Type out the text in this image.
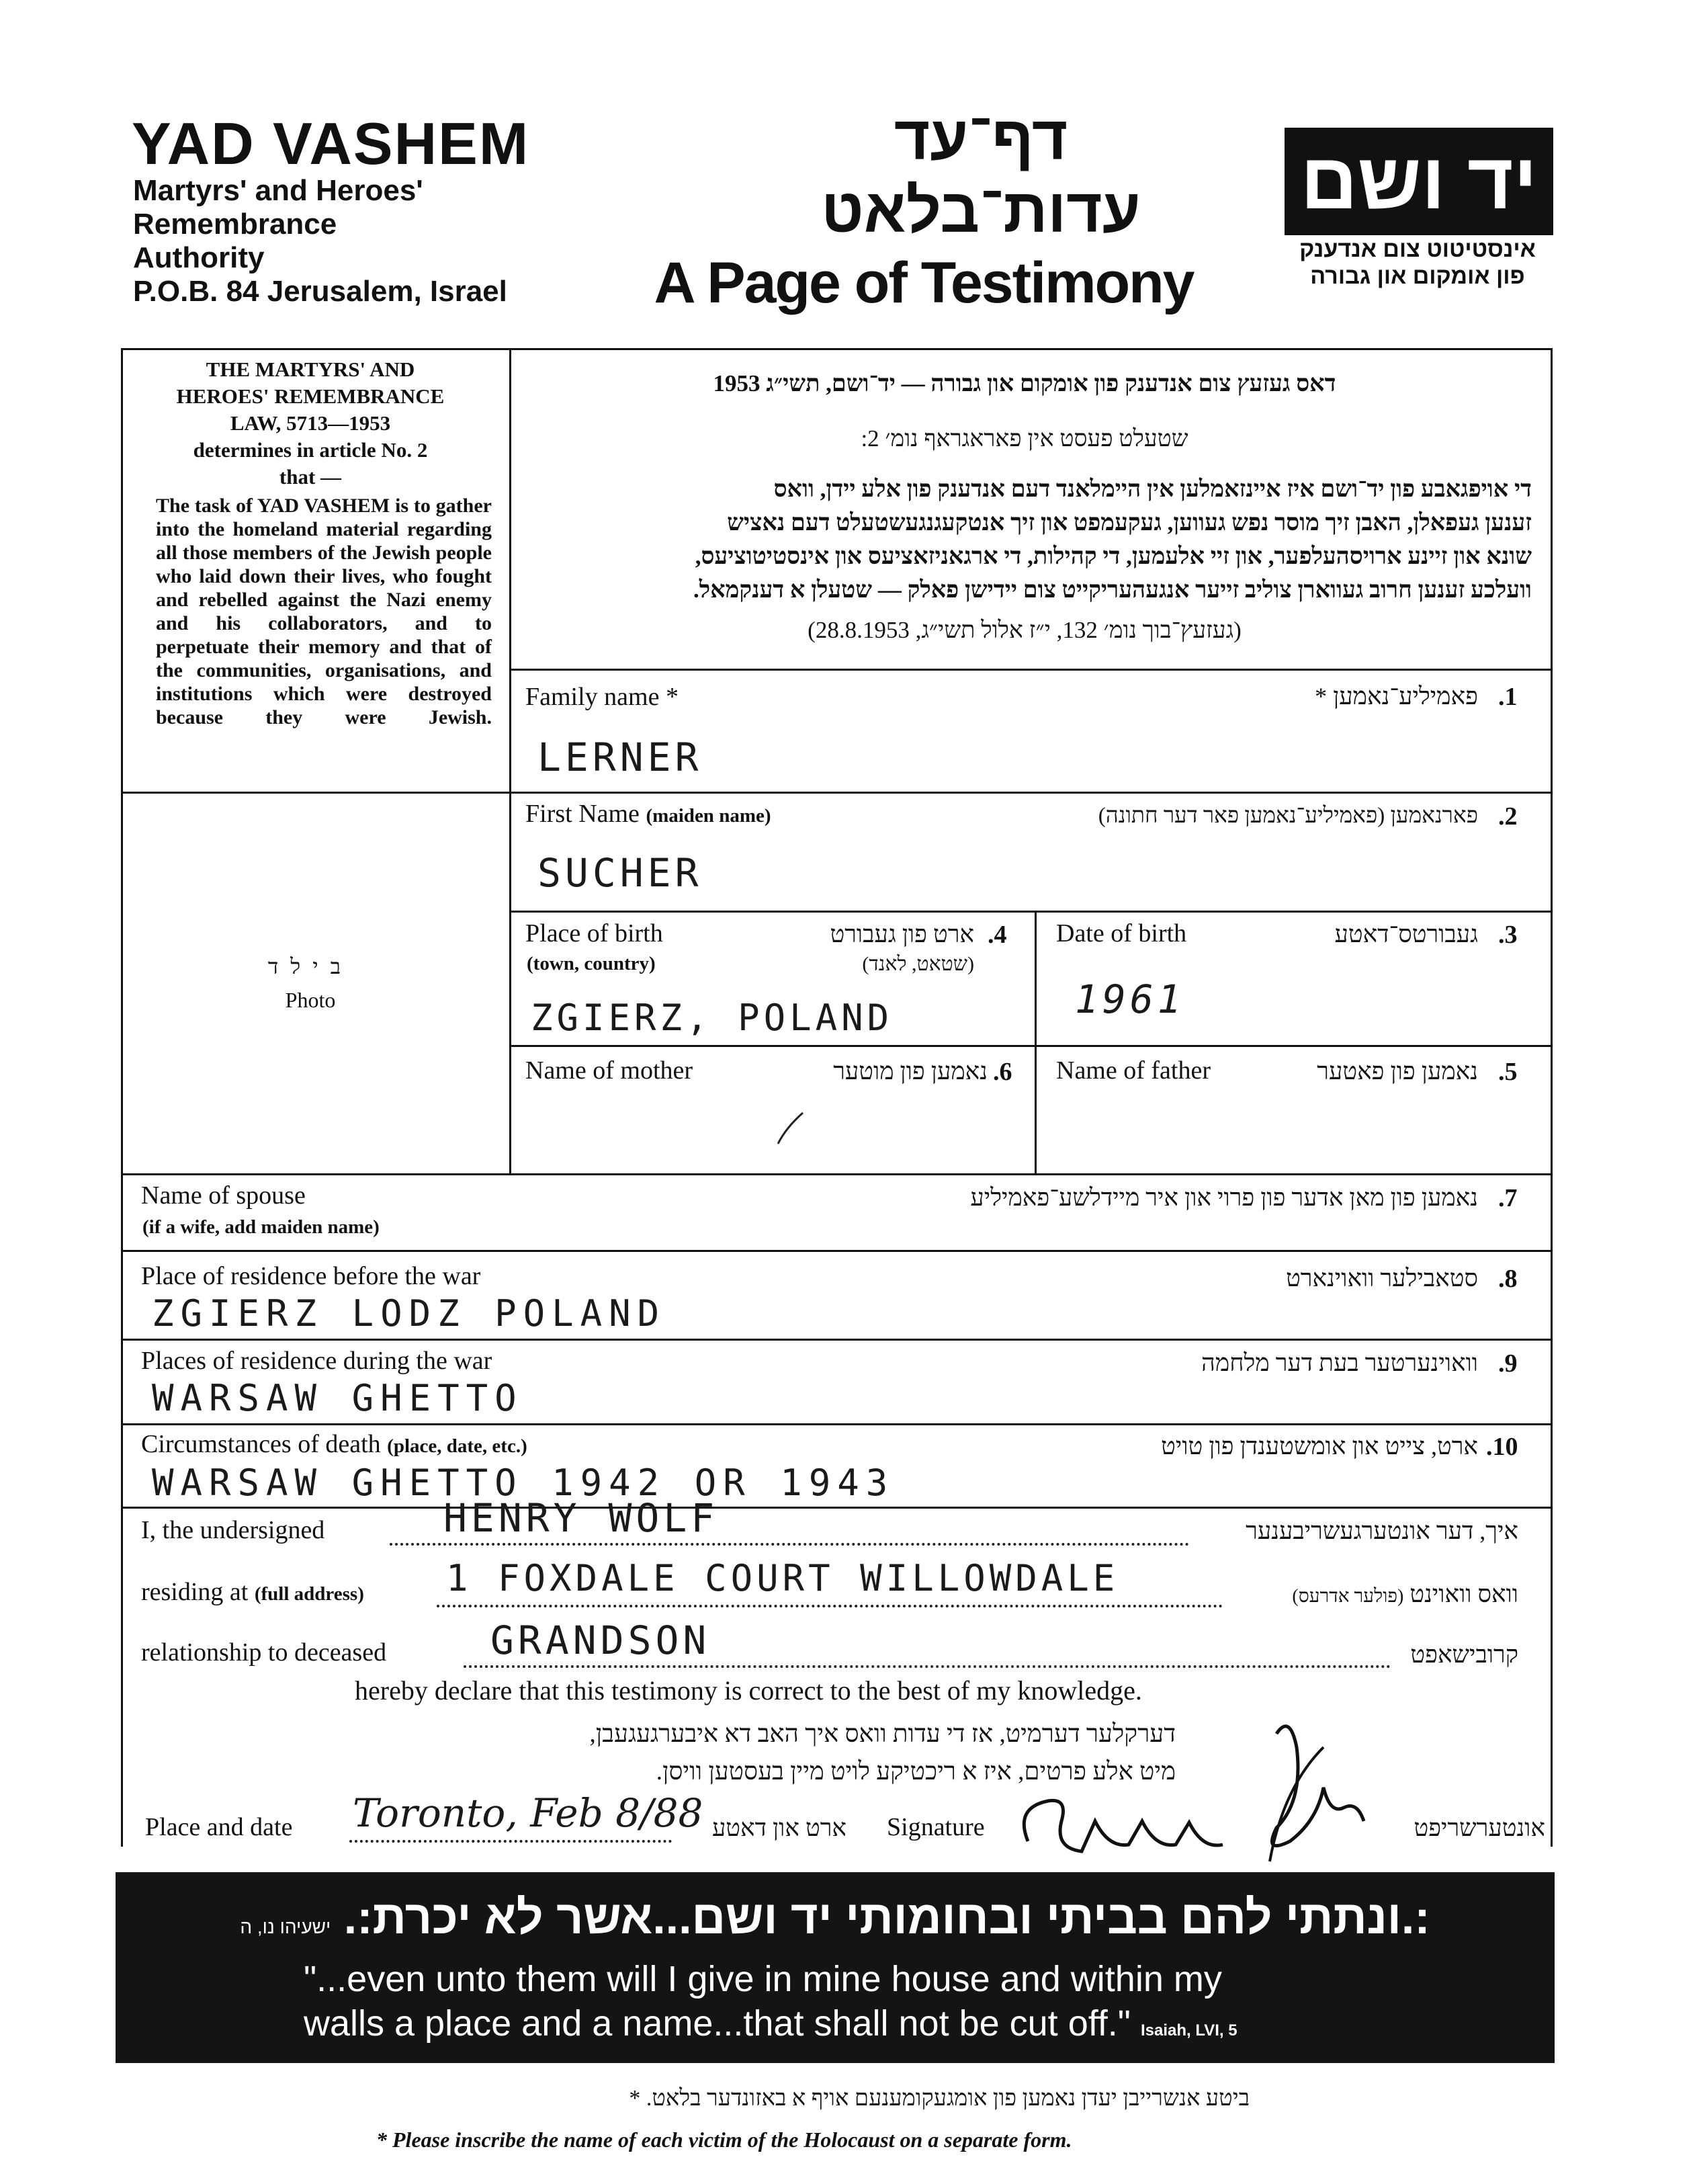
YAD VASHEM
Martyrs' and Heroes'
Remembrance
Authority
P.O.B. 84 Jerusalem, Israel
דף־עד
עדות־בלאט
A Page of Testimony
יד ושם
אינסטיטוט צום אנדענק
פון אומקום און גבורה
THE MARTYRS' AND
HEROES' REMEMBRANCE
LAW, 5713—1953
determines in article No. 2
that —
The task of YAD VASHEM is to gather into the homeland material regarding all those members of the Jewish people who laid down their lives, who fought and rebelled against the Nazi enemy and his collaborators, and to perpetuate their memory and that of the communities, organisations, and institutions which were destroyed because they were Jewish.
בילד
Photo
דאס געזעץ צום אנדענק פון אומקום און גבורה — יד־ושם, תשי״ג 1953
שטעלט פעסט אין פאראגראף נומ׳ 2:
די אויפגאבע פון יד־ושם איז איינזאמלען אין היימלאנד דעם אנדענק פון אלע יידן, וואס
זענען געפאלן, האבן זיך מוסר נפש געווען, געקעמפט און זיך אנטקעגנגעשטעלט דעם נאציש
שונא און זיינע ארויסהעלפער, און זיי אלעמען, די קהילות, די ארגאניזאציעס און אינסטיטוציעס,
וועלכע זענען חרוב געווארן צוליב זייער אנגעהעריקייט צום יידישן פאלק — שטעלן א דענקמאל.
(געזעץ־בוך נומ׳ 132, י״ז אלול תשי״ג, 28.8.1953)
Family name *	פאמיליע־נאמען * .1
LERNER
First Name (maiden name)	פארנאמען (פאמיליע־נאמען פאר דער חתונה) .2
SUCHER
Place of birth
(town, country)
ארט פון געבורט
(שטאט, לאנד)
.4
ZGIERZ, POLAND
Date of birth	געבורטס־דאטע .3
1961
Name of mother	נאמען פון מוטער .6 Name of father	נאמען פון פאטער .5
Name of spouse
(if a wife, add maiden name)
נאמען פון מאן אדער פון פרוי און איר מיידלשע־פאמיליע .7
Place of residence before the war	סטאבילער וואוינארט .8
ZGIERZ LODZ POLAND
Places of residence during the war	וואוינערטער בעת דער מלחמה .9
WARSAW GHETTO
Circumstances of death (place, date, etc.)	ארט, צייט און אומשטענדן פון טויט .10
WARSAW GHETTO 1942 OR 1943
I, the undersigned	HENRY WOLF	איך, דער אונטערגעשריבענער
residing at (full address) 1 FOXDALE COURT WILLOWDALE	וואס וואוינט (פולער אדרעס)
relationship to deceased	GRANDSON	קרובישאפט
hereby declare that this testimony is correct to the best of my knowledge.
דערקלער דערמיט, אז די עדות וואס איך האב דא איבערגעגעבן,
מיט אלע פרטים, איז א ריכטיקע לויט מיין בעסטען וויסן.
Place and date Toronto, Feb 8/88 ארט און דאטע Signature	אונטערשריפט
:.ונתתי להם בביתי ובחומותי יד ושם...אשר לא יכרת:. ישעיהו נו, ה
"...even unto them will I give in mine house and within my
walls a place and a name...that shall not be cut off." Isaiah, LVI, 5
ביטע אנשרייבן יעדן נאמען פון אומגעקומענעם אויף א באזונדער בלאט. *
* Please inscribe the name of each victim of the Holocaust on a separate form.
